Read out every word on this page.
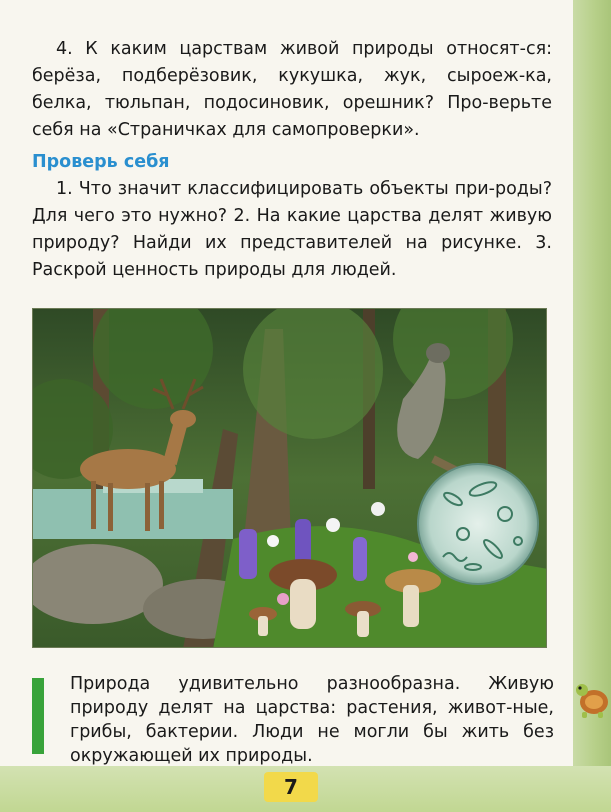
4. К каким царствам живой природы относят-ся: берёза, подберёзовик, кукушка, жук, сыроеж-ка, белка, тюльпан, подосиновик, орешник? Про-верьте себя на «Страничках для самопроверки».

Проверь себя

1. Что значит классифицировать объекты при-роды? Для чего это нужно? 2. На какие царства делят живую природу? Найди их представителей на рисунке. 3. Раскрой ценность природы для людей.

Природа удивительно разнообразна. Живую природу делят на царства: растения, живот-ные, грибы, бактерии. Люди не могли бы жить без окружающей их природы.

7
